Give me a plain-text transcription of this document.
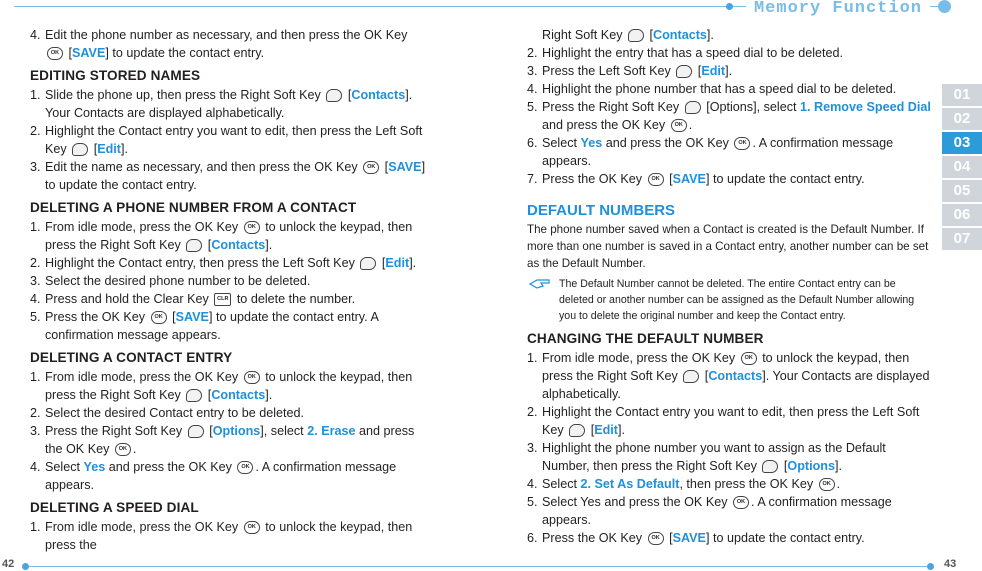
Memory Function
01
02
03
04
05
06
07
4. Edit the phone number as necessary, and then press the OK Key OK [SAVE] to update the contact entry.
EDITING STORED NAMES
1. Slide the phone up, then press the Right Soft Key  [Contacts].
Your Contacts are displayed alphabetically.
2. Highlight the Contact entry you want to edit, then press the Left Soft Key  [Edit].
3. Edit the name as necessary, and then press the OK Key OK [SAVE] to update the contact entry.
DELETING A PHONE NUMBER FROM A CONTACT
1. From idle mode, press the OK Key OK to unlock the keypad, then press the Right Soft Key  [Contacts].
2. Highlight the Contact entry, then press the Left Soft Key  [Edit].
3. Select the desired phone number to be deleted.
4. Press and hold the Clear Key CLR to delete the number.
5. Press the OK Key OK [SAVE] to update the contact entry. A confirmation message appears.
DELETING A CONTACT ENTRY
1. From idle mode, press the OK Key OK to unlock the keypad, then press the Right Soft Key  [Contacts].
2. Select the desired Contact entry to be deleted.
3. Press the Right Soft Key  [Options], select 2. Erase and press the OK Key OK .
4. Select Yes and press the OK Key OK . A confirmation message appears.
DELETING A SPEED DIAL
1. From idle mode, press the OK Key OK to unlock the keypad, then press the
Right Soft Key  [Contacts].
2. Highlight the entry that has a speed dial to be deleted.
3. Press the Left Soft Key  [Edit].
4. Highlight the phone number that has a speed dial to be deleted.
5. Press the Right Soft Key [Options], select 1. Remove Speed Dial and press the OK Key OK .
6. Select Yes and press the OK Key OK . A confirmation message appears.
7. Press the OK Key OK [SAVE] to update the contact entry.
DEFAULT NUMBERS
The phone number saved when a Contact is created is the Default Number. If more than one number is saved in a Contact entry, another number can be set as the Default Number.
The Default Number cannot be deleted. The entire Contact entry can be deleted or another number can be assigned as the Default Number allowing you to delete the original number and keep the Contact entry.
CHANGING THE DEFAULT NUMBER
1. From idle mode, press the OK Key OK to unlock the keypad, then press the Right Soft Key  [Contacts]. Your Contacts are displayed alphabetically.
2. Highlight the Contact entry you want to edit, then press the Left Soft Key  [Edit].
3. Highlight the phone number you want to assign as the Default Number, then press the Right Soft Key  [Options].
4. Select 2. Set As Default, then press the OK Key OK .
5. Select Yes and press the OK Key OK . A confirmation message appears.
6. Press the OK Key OK [SAVE] to update the contact entry.
42	43
